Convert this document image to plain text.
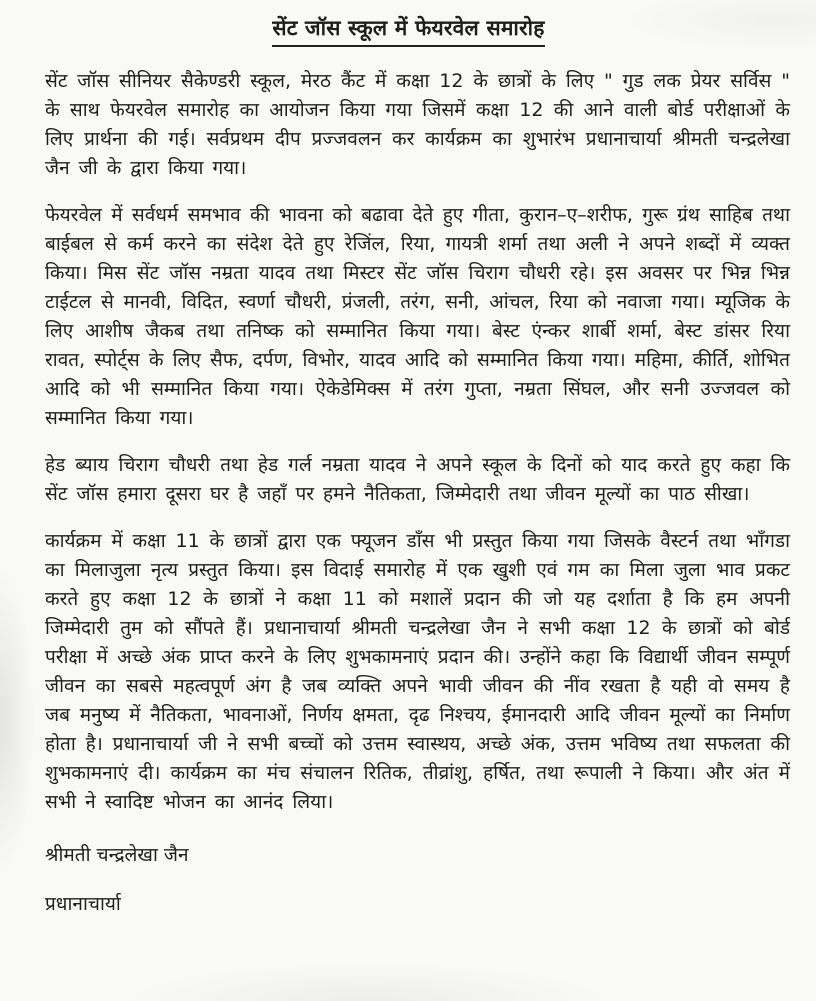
सेंट जॉस स्कूल में फेयरवेल समारोह

सेंट जॉस सीनियर सैकेण्डरी स्कूल, मेरठ कैंट में कक्षा 12 के छात्रों के लिए " गुड लक प्रेयर सर्विस " के साथ फेयरवेल समारोह का आयोजन किया गया जिसमें कक्षा 12 की आने वाली बोर्ड परीक्षाओं के लिए प्रार्थना की गई। सर्वप्रथम दीप प्रज्जवलन कर कार्यक्रम का शुभारंभ प्रधानाचार्या श्रीमती चन्द्रलेखा जैन जी के द्वारा किया गया।

फेयरवेल में सर्वधर्म समभाव की भावना को बढावा देते हुए गीता, कुरान–ए–शरीफ, गुरू ग्रंथ साहिब तथा बाईबल से कर्म करने का संदेश देते हुए रेजिंल, रिया, गायत्री शर्मा तथा अली ने अपने शब्दों में व्यक्त किया। मिस सेंट जॉस नम्रता यादव तथा मिस्टर सेंट जॉस चिराग चौधरी रहे। इस अवसर पर भिन्न भिन्न टाईटल से मानवी, विदित, स्वर्णा चौधरी, प्रंजली, तरंग, सनी, आंचल, रिया को नवाजा गया। म्यूजिक के लिए आशीष जैकब तथा तनिष्क को सम्मानित किया गया। बेस्ट एंन्कर शार्बी शर्मा, बेस्ट डांसर रिया रावत, स्पोर्ट्स के लिए सैफ, दर्पण, विभोर, यादव आदि को सम्मानित किया गया। महिमा, कीर्ति, शोभित आदि को भी सम्मानित किया गया। ऐकेडेमिक्स में तरंग गुप्ता, नम्रता सिंघल, और सनी उज्जवल को सम्मानित किया गया।

हेड ब्याय चिराग चौधरी तथा हेड गर्ल नम्रता यादव ने अपने स्कूल के दिनों को याद करते हुए कहा कि सेंट जॉस हमारा दूसरा घर है जहाँ पर हमने नैतिकता, जिम्मेदारी तथा जीवन मूल्यों का पाठ सीखा।

कार्यक्रम में कक्षा 11 के छात्रों द्वारा एक फ्यूजन डाँस भी प्रस्तुत किया गया जिसके वैस्टर्न तथा भाँगडा का मिलाजुला नृत्य प्रस्तुत किया। इस विदाई समारोह में एक खुशी एवं गम का मिला जुला भाव प्रकट करते हुए कक्षा 12 के छात्रों ने कक्षा 11 को मशालें प्रदान की जो यह दर्शाता है कि हम अपनी जिम्मेदारी तुम को सौंपते हैं। प्रधानाचार्या श्रीमती चन्द्रलेखा जैन ने सभी कक्षा 12 के छात्रों को बोर्ड परीक्षा में अच्छे अंक प्राप्त करने के लिए शुभकामनाएं प्रदान की। उन्होंने कहा कि विद्यार्थी जीवन सम्पूर्ण जीवन का सबसे महत्वपूर्ण अंग है जब व्यक्ति अपने भावी जीवन की नींव रखता है यही वो समय है जब मनुष्य में नैतिकता, भावनाओं, निर्णय क्षमता, दृढ निश्चय, ईमानदारी आदि जीवन मूल्यों का निर्माण होता है। प्रधानाचार्या जी ने सभी बच्चों को उत्तम स्वास्थय, अच्छे अंक, उत्तम भविष्य तथा सफलता की शुभकामनाएं दी। कार्यक्रम का मंच संचालन रितिक, तीव्रांशु, हर्षित, तथा रूपाली ने किया। और अंत में सभी ने स्वादिष्ट भोजन का आनंद लिया।

श्रीमती चन्द्रलेखा जैन

प्रधानाचार्या
